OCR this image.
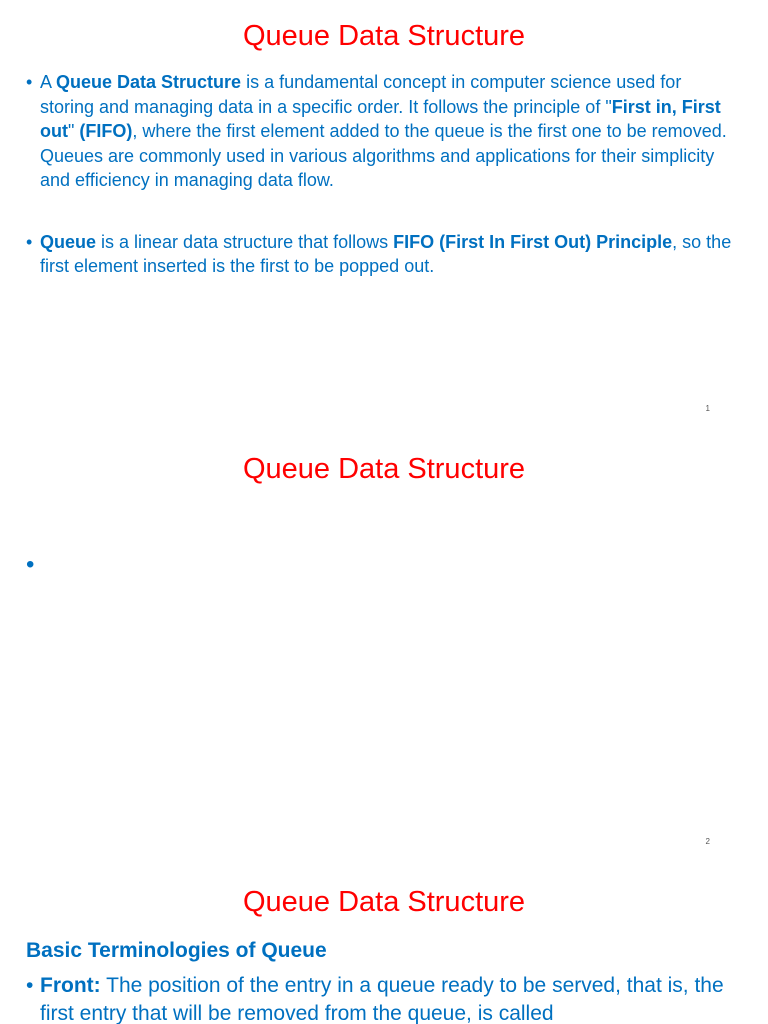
Queue Data Structure
• A Queue Data Structure is a fundamental concept in computer science used for storing and managing data in a specific order. It follows the principle of "First in, First out" (FIFO), where the first element added to the queue is the first one to be removed. Queues are commonly used in various algorithms and applications for their simplicity and efficiency in managing data flow.
• Queue is a linear data structure that follows FIFO (First In First Out) Principle, so the first element inserted is the first to be popped out.
1
Queue Data Structure
2
Queue Data Structure
Basic Terminologies of Queue
• Front: The position of the entry in a queue ready to be served, that is, the first entry that will be removed from the queue, is called
